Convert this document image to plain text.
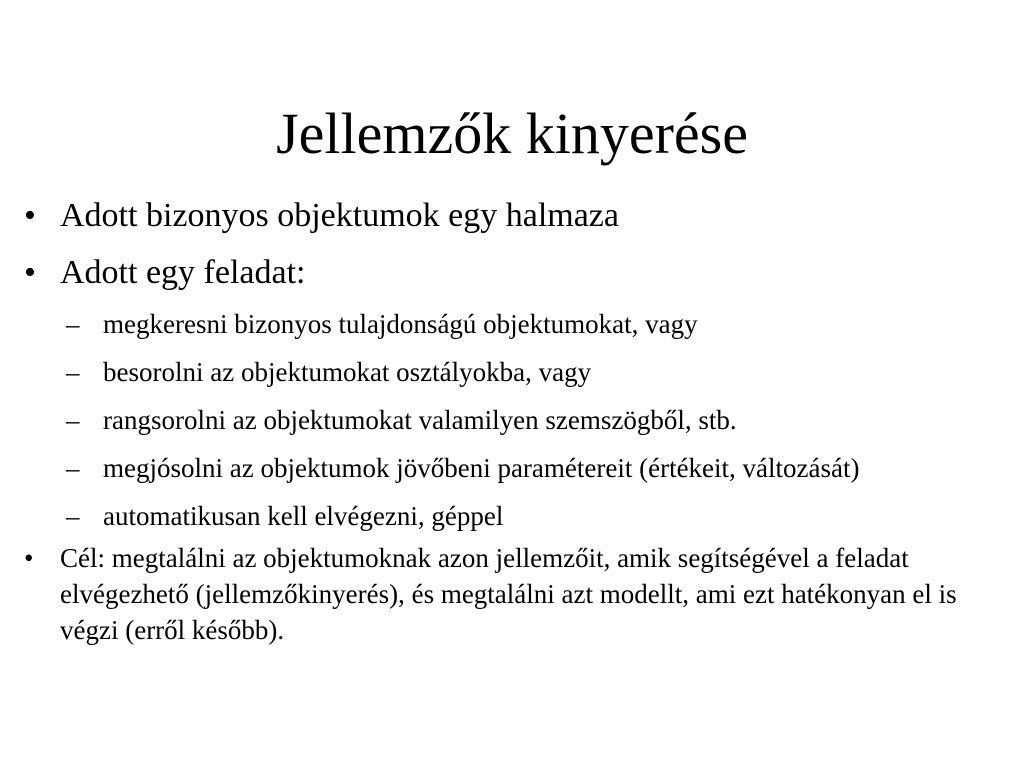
Jellemzők kinyerése
• Adott bizonyos objektumok egy halmaza
• Adott egy feladat:
– megkeresni bizonyos tulajdonságú objektumokat, vagy
– besorolni az objektumokat osztályokba, vagy
– rangsorolni az objektumokat valamilyen szemszögből, stb.
– megjósolni az objektumok jövőbeni paramétereit (értékeit, változását)
– automatikusan kell elvégezni, géppel
• Cél: megtalálni az objektumoknak azon jellemzőit, amik segítségével a feladat elvégezhető (jellemzőkinyerés), és megtalálni azt modellt, ami ezt hatékonyan el is végzi (erről később).
